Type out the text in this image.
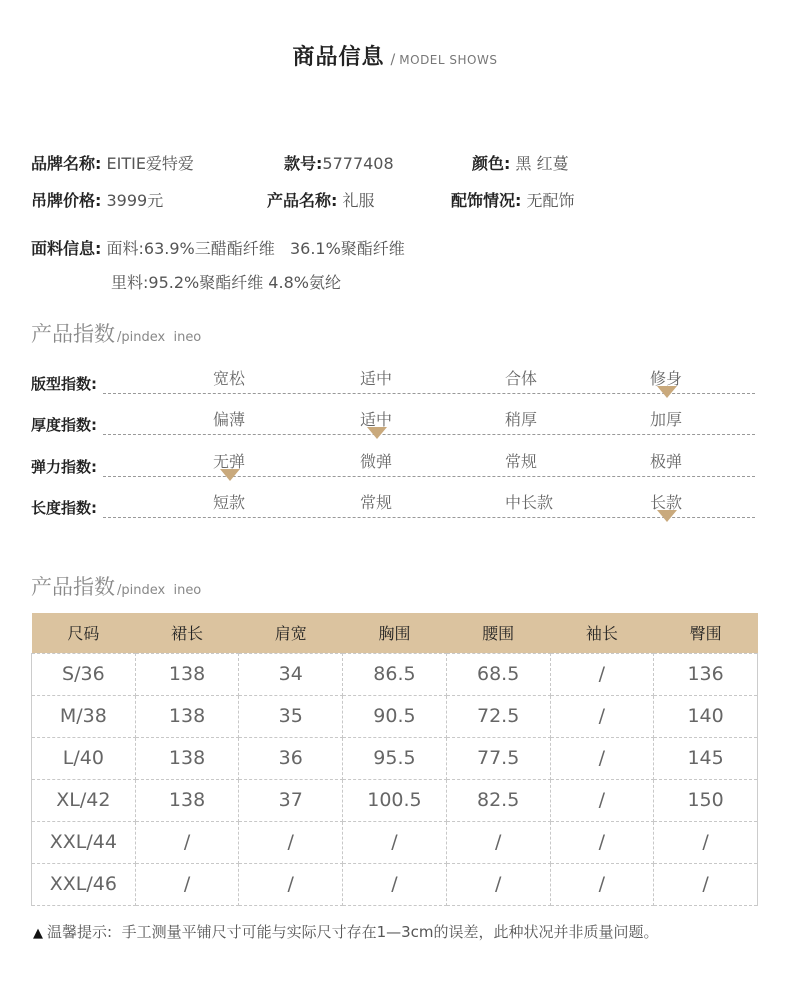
商品信息 / MODEL SHOWS
品牌名称: EITIE爱特爱	款号:5777408	颜色: 黑 红蔓
吊牌价格: 3999元	产品名称: 礼服	配饰情况: 无配饰
面料信息: 面料:63.9%三醋酯纤维   36.1%聚酯纤维
里料:95.2%聚酯纤维 4.8%氨纶
产品指数 /pindex  ineo
版型指数:	宽松	适中	合体	修身
厚度指数:	偏薄	适中	稍厚	加厚
弹力指数:	无弹	微弹	常规	极弹
长度指数:	短款	常规	中长款	长款
产品指数 /pindex  ineo
尺码	裙长	肩宽	胸围	腰围	袖长	臀围
S/36	138	34	86.5	68.5	/	136
M/38	138	35	90.5	72.5	/	140
L/40	138	36	95.5	77.5	/	145
XL/42	138	37	100.5	82.5	/	150
XXL/44	/	/	/	/	/	/
XXL/46	/	/	/	/	/	/
▲ 温馨提示:  手工测量平铺尺寸可能与实际尺寸存在1—3cm的误差，此种状况并非质量问题。
